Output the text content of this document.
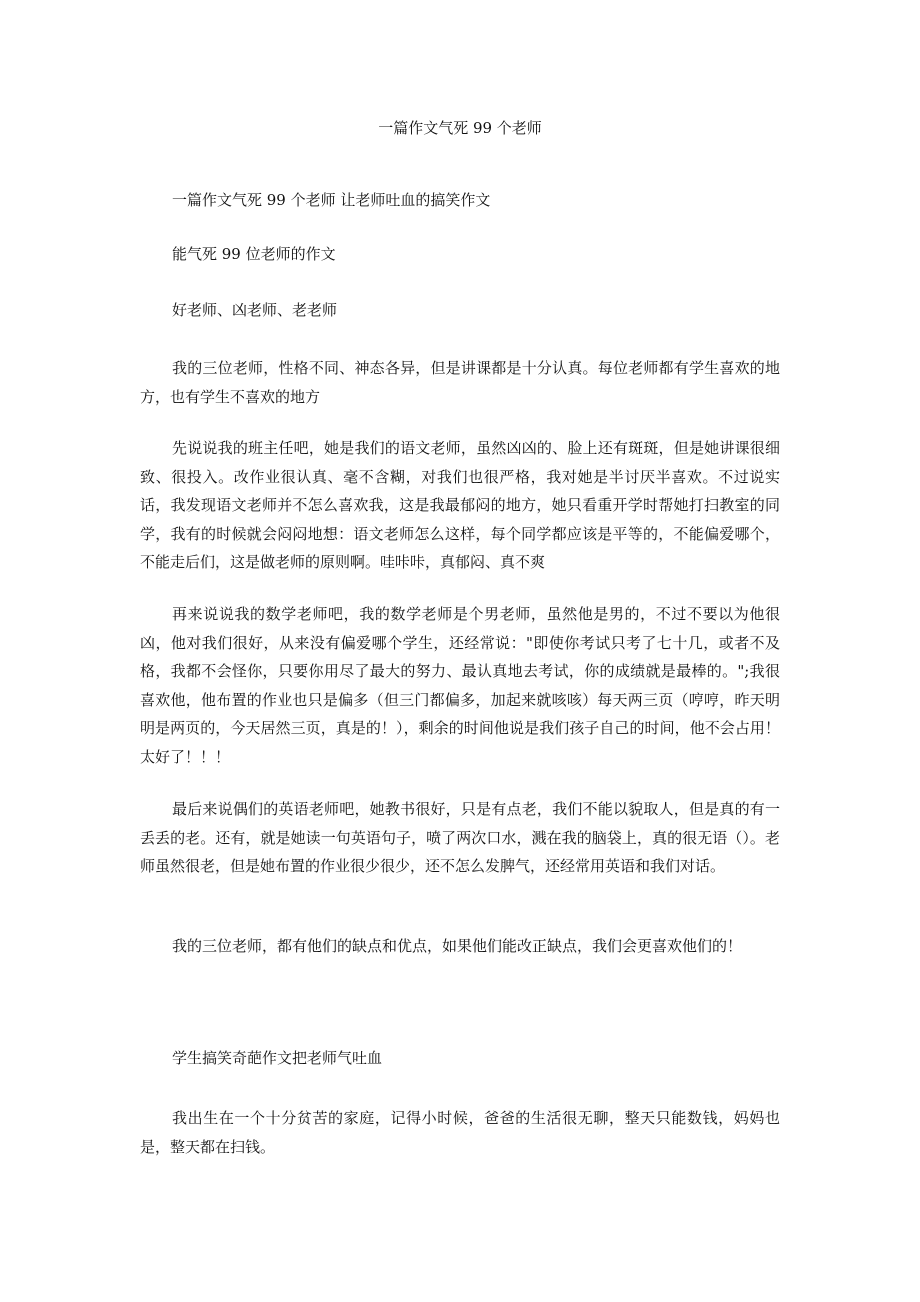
一篇作文气死 99 个老师

一篇作文气死 99 个老师 让老师吐血的搞笑作文

能气死 99 位老师的作文

好老师、凶老师、老老师

我的三位老师，性格不同、神态各异，但是讲课都是十分认真。每位老师都有学生喜欢的地方，也有学生不喜欢的地方

先说说我的班主任吧，她是我们的语文老师，虽然凶凶的、脸上还有斑斑，但是她讲课很细致、很投入。改作业很认真、毫不含糊，对我们也很严格，我对她是半讨厌半喜欢。不过说实话，我发现语文老师并不怎么喜欢我，这是我最郁闷的地方，她只看重开学时帮她打扫教室的同学，我有的时候就会闷闷地想：语文老师怎么这样，每个同学都应该是平等的，不能偏爱哪个，不能走后们，这是做老师的原则啊。哇咔咔，真郁闷、真不爽

再来说说我的数学老师吧，我的数学老师是个男老师，虽然他是男的，不过不要以为他很凶，他对我们很好，从来没有偏爱哪个学生，还经常说："即使你考试只考了七十几，或者不及格，我都不会怪你，只要你用尽了最大的努力、最认真地去考试，你的成绩就是最棒的。";我很喜欢他，他布置的作业也只是偏多（但三门都偏多，加起来就咳咳）每天两三页（哼哼，昨天明明是两页的，今天居然三页，真是的！），剩余的时间他说是我们孩子自己的时间，他不会占用！太好了！！！

最后来说偶们的英语老师吧，她教书很好，只是有点老，我们不能以貌取人，但是真的有一丢丢的老。还有，就是她读一句英语句子，喷了两次口水，溅在我的脑袋上，真的很无语（）。老师虽然很老，但是她布置的作业很少很少，还不怎么发脾气，还经常用英语和我们对话。

我的三位老师，都有他们的缺点和优点，如果他们能改正缺点，我们会更喜欢他们的！

学生搞笑奇葩作文把老师气吐血

我出生在一个十分贫苦的家庭，记得小时候，爸爸的生活很无聊，整天只能数钱，妈妈也是，整天都在扫钱。
